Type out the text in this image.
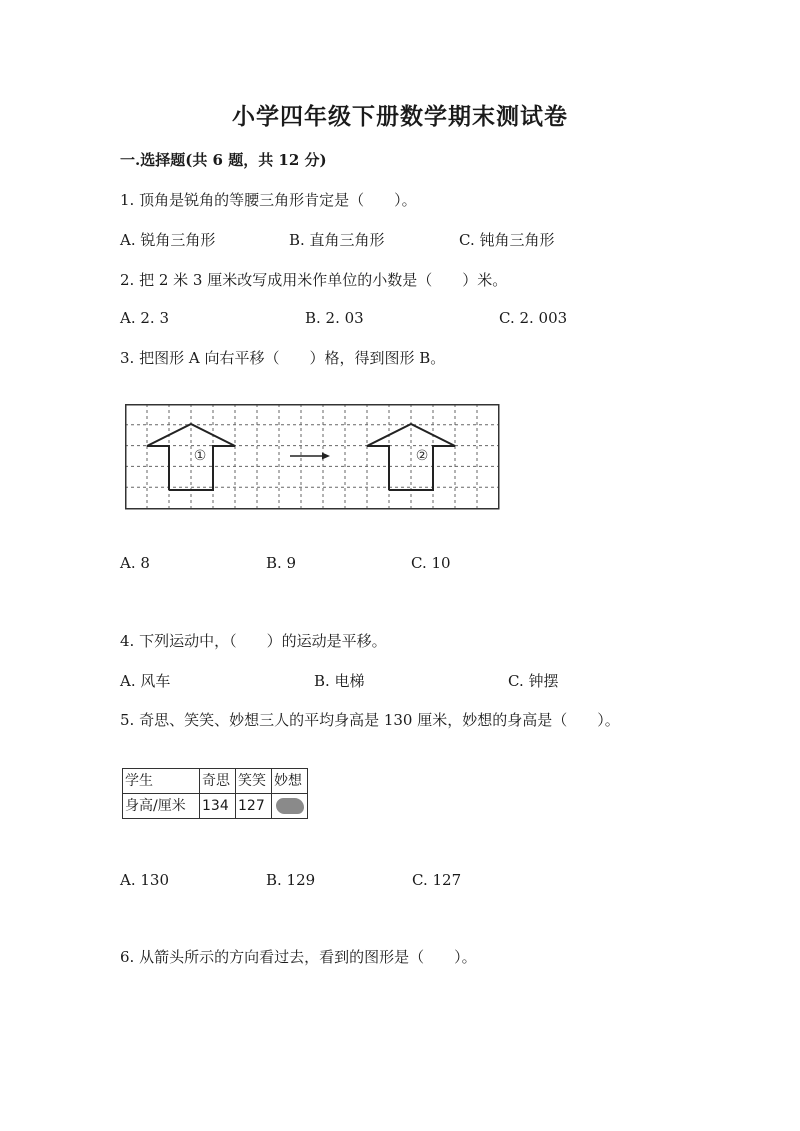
小学四年级下册数学期末测试卷
一.选择题(共 6 题，共 12 分)
1. 顶角是锐角的等腰三角形肯定是（　　）。
A. 锐角三角形	B. 直角三角形	C. 钝角三角形
2. 把 2 米 3 厘米改写成用米作单位的小数是（　　）米。
A. 2. 3	B. 2. 03	C. 2. 003
3. 把图形 A 向右平移（　　）格，得到图形 B。
①	②
A. 8	B. 9	C. 10
4. 下列运动中，（　　）的运动是平移。
A. 风车	B. 电梯	C. 钟摆
5. 奇思、笑笑、妙想三人的平均身高是 130 厘米，妙想的身高是（　　）。
学生	奇思	笑笑	妙想
身高/厘米	134	127	
A. 130	B. 129	C. 127
6. 从箭头所示的方向看过去，看到的图形是（　　）。
